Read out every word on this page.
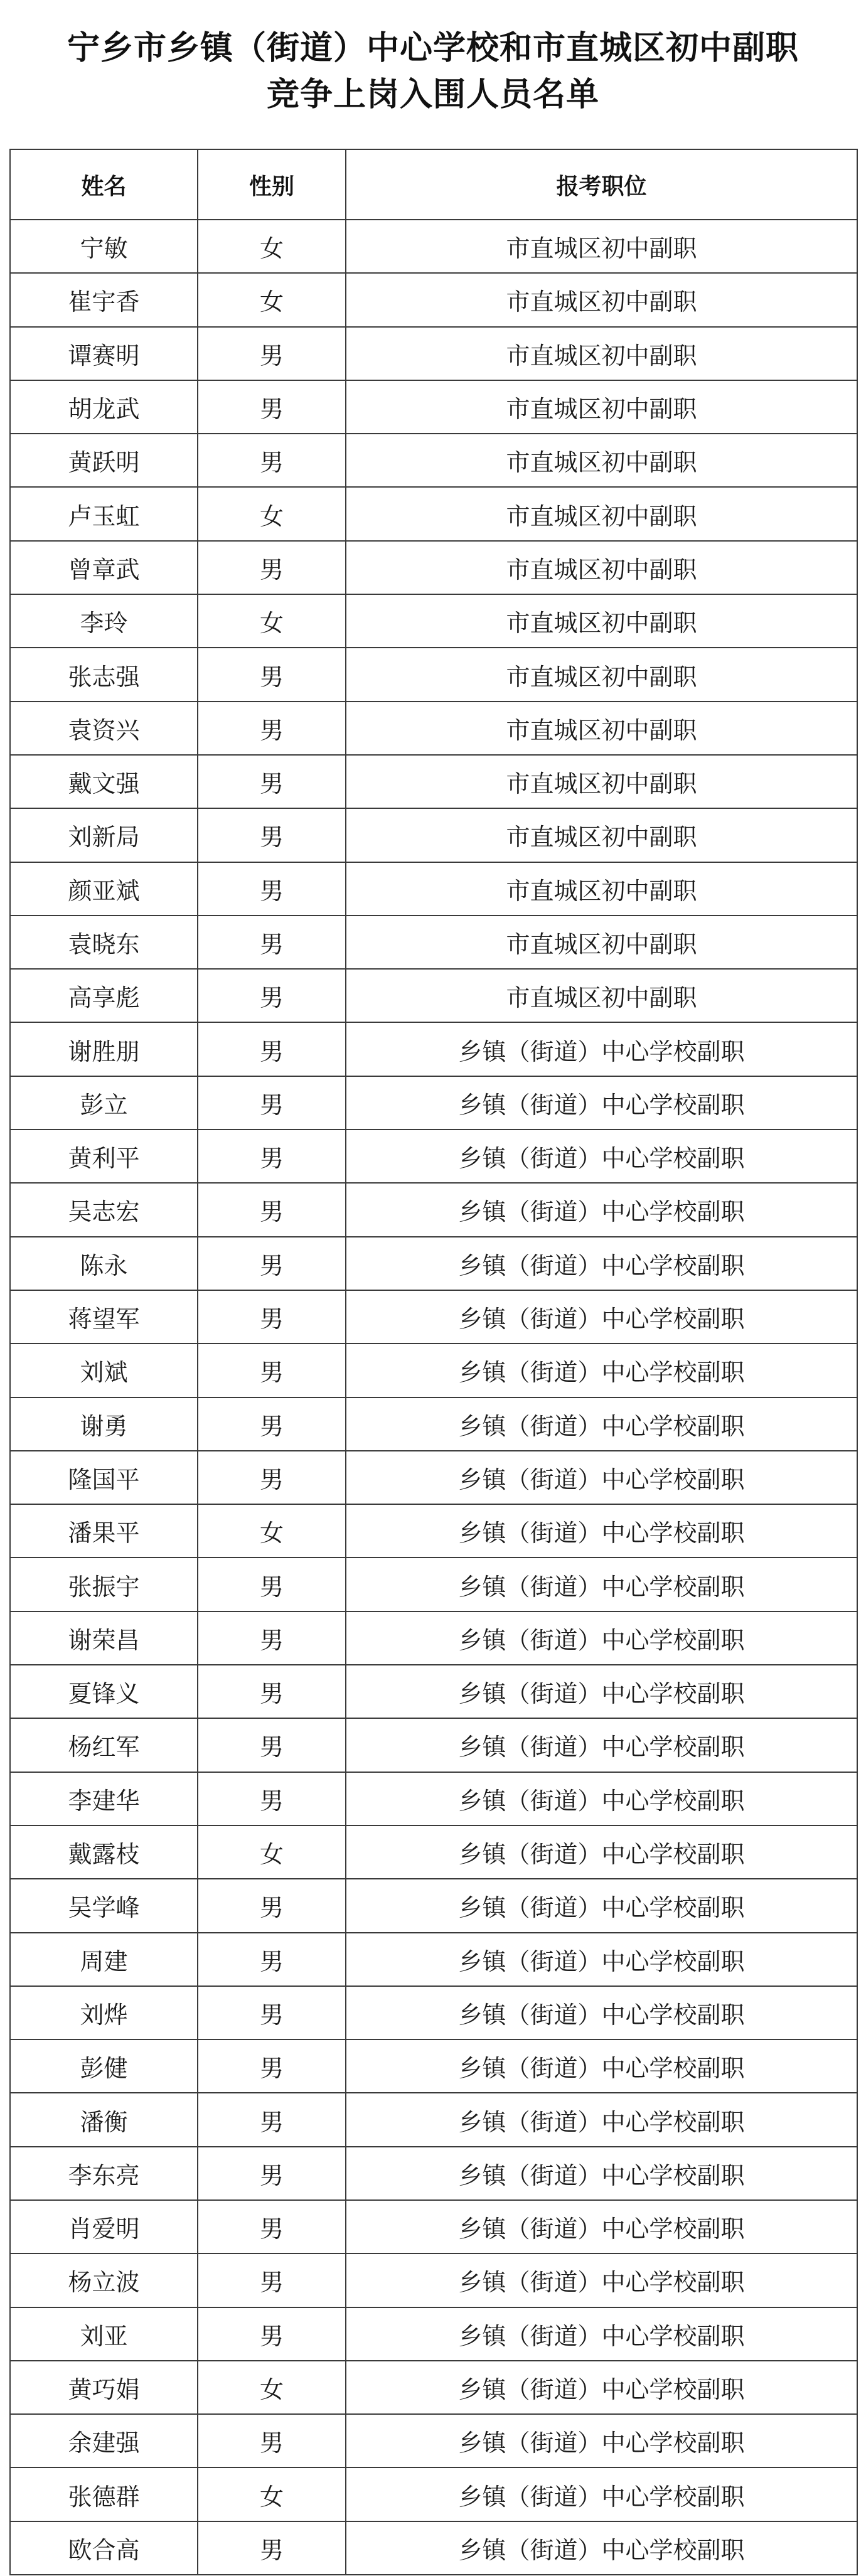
宁乡市乡镇（街道）中心学校和市直城区初中副职
竞争上岗入围人员名单
姓名	性别	报考职位
宁敏	女	市直城区初中副职
崔宇香	女	市直城区初中副职
谭赛明	男	市直城区初中副职
胡龙武	男	市直城区初中副职
黄跃明	男	市直城区初中副职
卢玉虹	女	市直城区初中副职
曾章武	男	市直城区初中副职
李玲	女	市直城区初中副职
张志强	男	市直城区初中副职
袁资兴	男	市直城区初中副职
戴文强	男	市直城区初中副职
刘新局	男	市直城区初中副职
颜亚斌	男	市直城区初中副职
袁晓东	男	市直城区初中副职
高享彪	男	市直城区初中副职
谢胜朋	男	乡镇（街道）中心学校副职
彭立	男	乡镇（街道）中心学校副职
黄利平	男	乡镇（街道）中心学校副职
吴志宏	男	乡镇（街道）中心学校副职
陈永	男	乡镇（街道）中心学校副职
蒋望军	男	乡镇（街道）中心学校副职
刘斌	男	乡镇（街道）中心学校副职
谢勇	男	乡镇（街道）中心学校副职
隆国平	男	乡镇（街道）中心学校副职
潘果平	女	乡镇（街道）中心学校副职
张振宇	男	乡镇（街道）中心学校副职
谢荣昌	男	乡镇（街道）中心学校副职
夏锋义	男	乡镇（街道）中心学校副职
杨红军	男	乡镇（街道）中心学校副职
李建华	男	乡镇（街道）中心学校副职
戴露枝	女	乡镇（街道）中心学校副职
吴学峰	男	乡镇（街道）中心学校副职
周建	男	乡镇（街道）中心学校副职
刘烨	男	乡镇（街道）中心学校副职
彭健	男	乡镇（街道）中心学校副职
潘衡	男	乡镇（街道）中心学校副职
李东亮	男	乡镇（街道）中心学校副职
肖爱明	男	乡镇（街道）中心学校副职
杨立波	男	乡镇（街道）中心学校副职
刘亚	男	乡镇（街道）中心学校副职
黄巧娟	女	乡镇（街道）中心学校副职
余建强	男	乡镇（街道）中心学校副职
张德群	女	乡镇（街道）中心学校副职
欧合高	男	乡镇（街道）中心学校副职
